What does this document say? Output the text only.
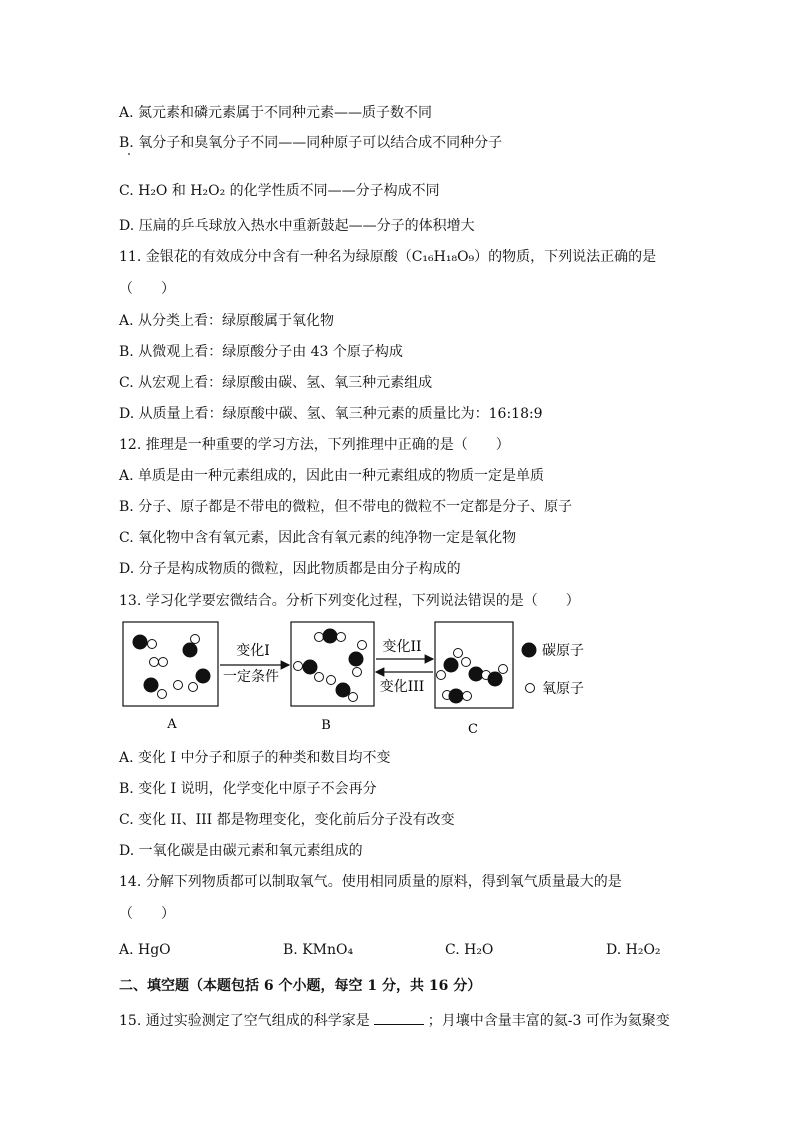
A. 氮元素和磷元素属于不同种元素——质子数不同
B. 氧分子和臭氧分子不同——同种原子可以结合成不同种分子
C. H₂O 和 H₂O₂ 的化学性质不同——分子构成不同
D. 压扁的乒乓球放入热水中重新鼓起——分子的体积增大
11. 金银花的有效成分中含有一种名为绿原酸（C₁₆H₁₈O₉）的物质，下列说法正确的是
（　　）
A. 从分类上看：绿原酸属于氧化物
B. 从微观上看：绿原酸分子由 43 个原子构成
C. 从宏观上看：绿原酸由碳、氢、氧三种元素组成
D. 从质量上看：绿原酸中碳、氢、氧三种元素的质量比为：16:18:9
12. 推理是一种重要的学习方法，下列推理中正确的是（　　）
A. 单质是由一种元素组成的，因此由一种元素组成的物质一定是单质
B. 分子、原子都是不带电的微粒，但不带电的微粒不一定都是分子、原子
C. 氧化物中含有氧元素，因此含有氧元素的纯净物一定是氧化物
D. 分子是构成物质的微粒，因此物质都是由分子构成的
13. 学习化学要宏微结合。分析下列变化过程，下列说法错误的是（　　）
A
变化I
一定条件
B
变化II
变化III
C
碳原子
氧原子
A. 变化 I 中分子和原子的种类和数目均不变
B. 变化 I 说明，化学变化中原子不会再分
C. 变化 II、III 都是物理变化，变化前后分子没有改变
D. 一氧化碳是由碳元素和氧元素组成的
14. 分解下列物质都可以制取氧气。使用相同质量的原料，得到氧气质量最大的是
（　　）
A. HgO	B. KMnO₄	C. H₂O	D. H₂O₂
二、填空题（本题包括 6 个小题，每空 1 分，共 16 分）
15. 通过实验测定了空气组成的科学家是	；月壤中含量丰富的氦-3 可作为氦聚变
